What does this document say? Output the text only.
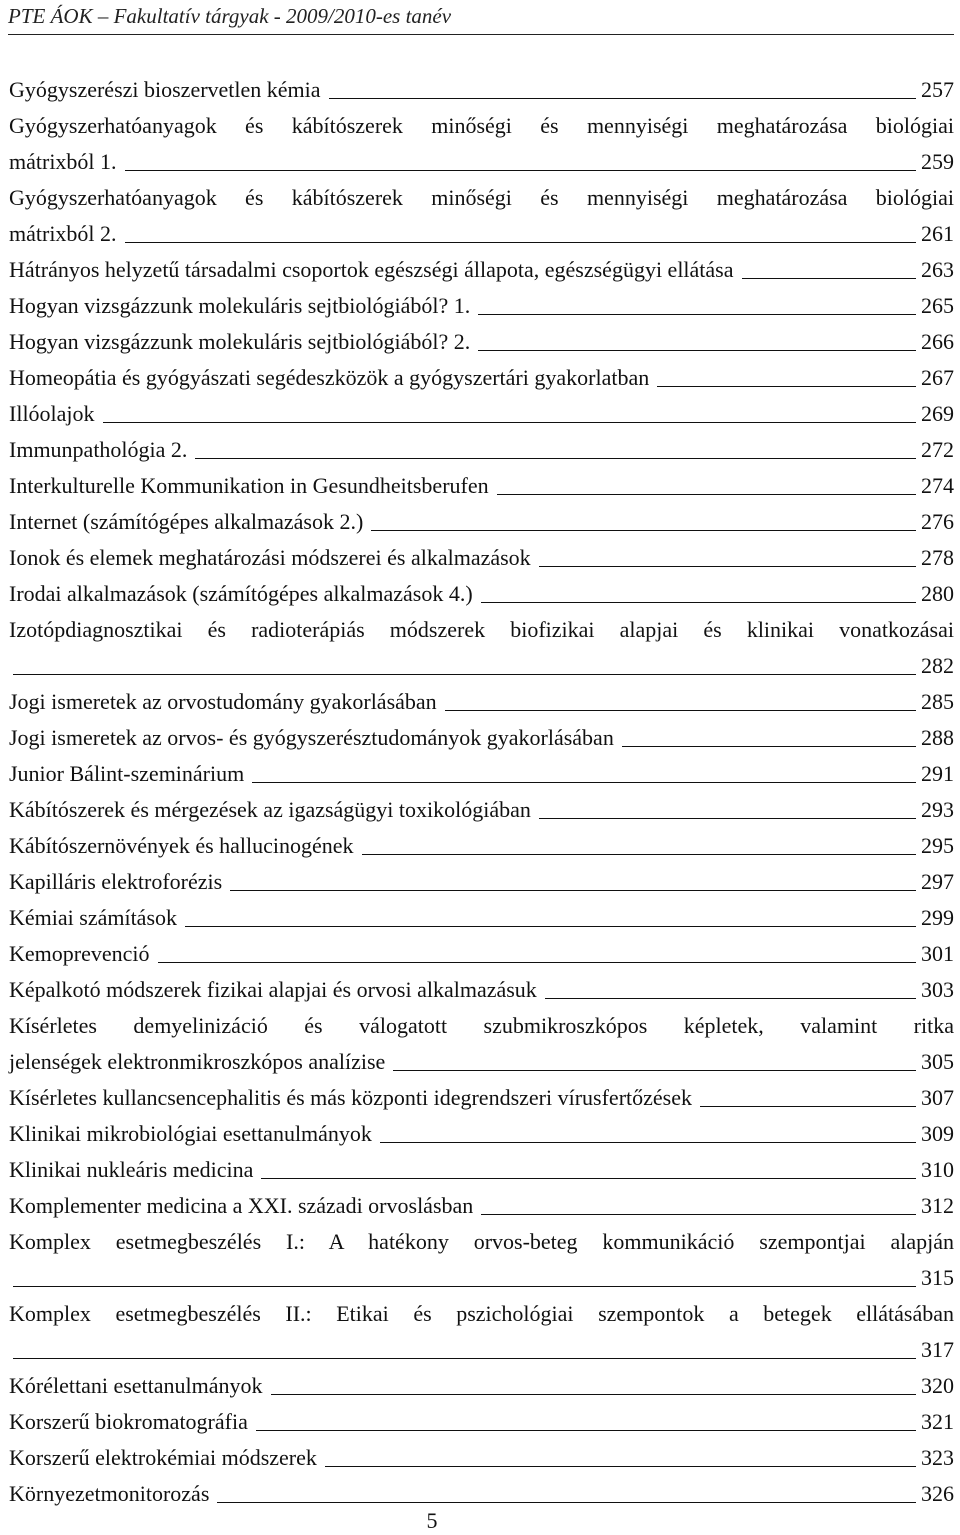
PTE ÁOK – Fakultatív tárgyak - 2009/2010-es tanév
Gyógyszerészi bioszervetlen kémia	257
Gyógyszerhatóanyagok és kábítószerek minőségi és mennyiségi meghatározása biológiai
mátrixból 1.	259
Gyógyszerhatóanyagok és kábítószerek minőségi és mennyiségi meghatározása biológiai
mátrixból 2.	261
Hátrányos helyzetű társadalmi csoportok egészségi állapota, egészségügyi ellátása	263
Hogyan vizsgázzunk molekuláris sejtbiológiából? 1.	265
Hogyan vizsgázzunk molekuláris sejtbiológiából? 2.	266
Homeopátia és gyógyászati segédeszközök a gyógyszertári gyakorlatban	267
Illóolajok	269
Immunpathológia 2.	272
Interkulturelle Kommunikation in Gesundheitsberufen	274
Internet (számítógépes alkalmazások 2.)	276
Ionok és elemek meghatározási módszerei és alkalmazások	278
Irodai alkalmazások (számítógépes alkalmazások 4.)	280
Izotópdiagnosztikai és radioterápiás módszerek biofizikai alapjai és klinikai vonatkozásai
282
Jogi ismeretek az orvostudomány gyakorlásában	285
Jogi ismeretek az orvos- és gyógyszerésztudományok gyakorlásában	288
Junior Bálint-szeminárium	291
Kábítószerek és mérgezések az igazságügyi toxikológiában	293
Kábítószernövények és hallucinogének	295
Kapilláris elektroforézis	297
Kémiai számítások	299
Kemoprevenció	301
Képalkotó módszerek fizikai alapjai és orvosi alkalmazásuk	303
Kísérletes demyelinizáció és válogatott szubmikroszkópos képletek, valamint ritka
jelenségek elektronmikroszkópos analízise	305
Kísérletes kullancsencephalitis és más központi idegrendszeri vírusfertőzések	307
Klinikai mikrobiológiai esettanulmányok	309
Klinikai nukleáris medicina	310
Komplementer medicina a XXI. századi orvoslásban	312
Komplex esetmegbeszélés I.: A hatékony orvos-beteg kommunikáció szempontjai alapján
315
Komplex esetmegbeszélés II.: Etikai és pszichológiai szempontok a betegek ellátásában
317
Kórélettani esettanulmányok	320
Korszerű biokromatográfia	321
Korszerű elektrokémiai módszerek	323
Környezetmonitorozás	326
5
